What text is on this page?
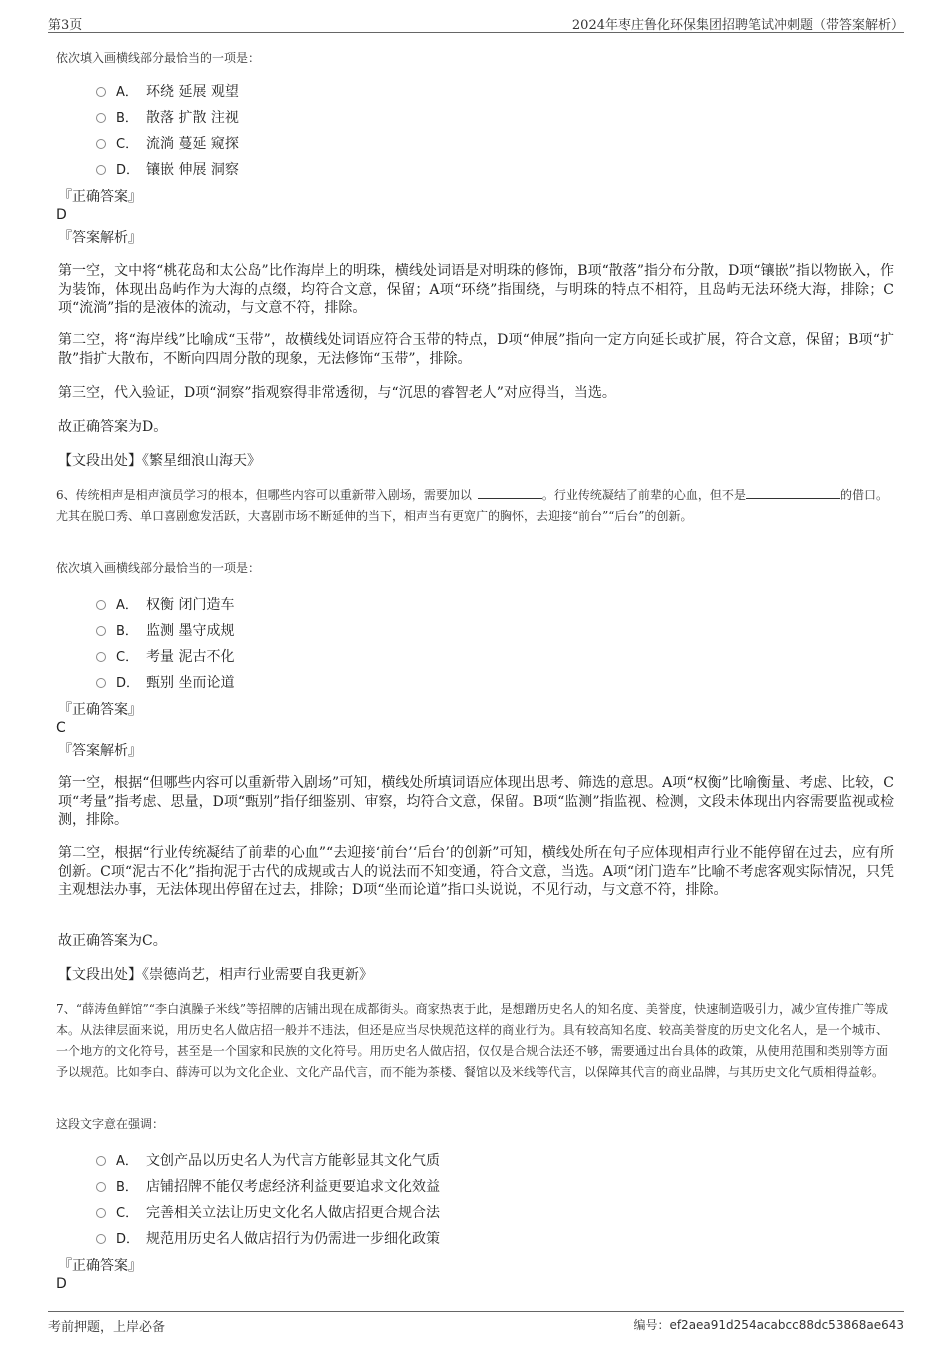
第3页	2024年枣庄鲁化环保集团招聘笔试冲刺题（带答案解析）
依次填入画横线部分最恰当的一项是：
A． 环绕 延展 观望
B． 散落 扩散 注视
C． 流淌 蔓延 窥探
D． 镶嵌 伸展 洞察
『正确答案』
D
『答案解析』
第一空，文中将“桃花岛和太公岛”比作海岸上的明珠，横线处词语是对明珠的修饰，B项“散落”指分布分散，D项“镶嵌”指以物嵌入，作为装饰，体现出岛屿作为大海的点缀，均符合文意，保留；A项“环绕”指围绕，与明珠的特点不相符，且岛屿无法环绕大海，排除；C项“流淌”指的是液体的流动，与文意不符，排除。
第二空，将“海岸线”比喻成“玉带”，故横线处词语应符合玉带的特点，D项“伸展”指向一定方向延长或扩展，符合文意，保留；B项“扩散”指扩大散布，不断向四周分散的现象，无法修饰“玉带”，排除。
第三空，代入验证，D项“洞察”指观察得非常透彻，与“沉思的睿智老人”对应得当，当选。
故正确答案为D。
【文段出处】《繁星细浪山海天》
6、传统相声是相声演员学习的根本，但哪些内容可以重新带入剧场，需要加以	。行业传统凝结了前辈的心血，但不是	的借口。尤其在脱口秀、单口喜剧愈发活跃，大喜剧市场不断延伸的当下，相声当有更宽广的胸怀，去迎接“前台”“后台”的创新。
依次填入画横线部分最恰当的一项是：
A． 权衡 闭门造车
B． 监测 墨守成规
C． 考量 泥古不化
D． 甄别 坐而论道
『正确答案』
C
『答案解析』
第一空，根据“但哪些内容可以重新带入剧场”可知，横线处所填词语应体现出思考、筛选的意思。A项“权衡”比喻衡量、考虑、比较，C项“考量”指考虑、思量，D项“甄别”指仔细鉴别、审察，均符合文意，保留。B项“监测”指监视、检测，文段未体现出内容需要监视或检测，排除。
第二空，根据“行业传统凝结了前辈的心血”“去迎接‘前台’‘后台’的创新”可知，横线处所在句子应体现相声行业不能停留在过去，应有所创新。C项“泥古不化”指拘泥于古代的成规或古人的说法而不知变通，符合文意，当选。A项“闭门造车”比喻不考虑客观实际情况，只凭主观想法办事，无法体现出停留在过去，排除；D项“坐而论道”指口头说说，不见行动，与文意不符，排除。
故正确答案为C。
【文段出处】《崇德尚艺，相声行业需要自我更新》
7、“薛涛鱼鲜馆”“李白滇臊子米线”等招牌的店铺出现在成都街头。商家热衷于此，是想蹭历史名人的知名度、美誉度，快速制造吸引力，减少宣传推广等成本。从法律层面来说，用历史名人做店招一般并不违法，但还是应当尽快规范这样的商业行为。具有较高知名度、较高美誉度的历史文化名人，是一个城市、一个地方的文化符号，甚至是一个国家和民族的文化符号。用历史名人做店招，仅仅是合规合法还不够，需要通过出台具体的政策，从使用范围和类别等方面予以规范。比如李白、薛涛可以为文化企业、文化产品代言，而不能为茶楼、餐馆以及米线等代言，以保障其代言的商业品牌，与其历史文化气质相得益彰。
这段文字意在强调：
A． 文创产品以历史名人为代言方能彰显其文化气质
B． 店铺招牌不能仅考虑经济利益更要追求文化效益
C． 完善相关立法让历史文化名人做店招更合规合法
D． 规范用历史名人做店招行为仍需进一步细化政策
『正确答案』
D
考前押题，上岸必备	编号：ef2aea91d254acabcc88dc53868ae643
